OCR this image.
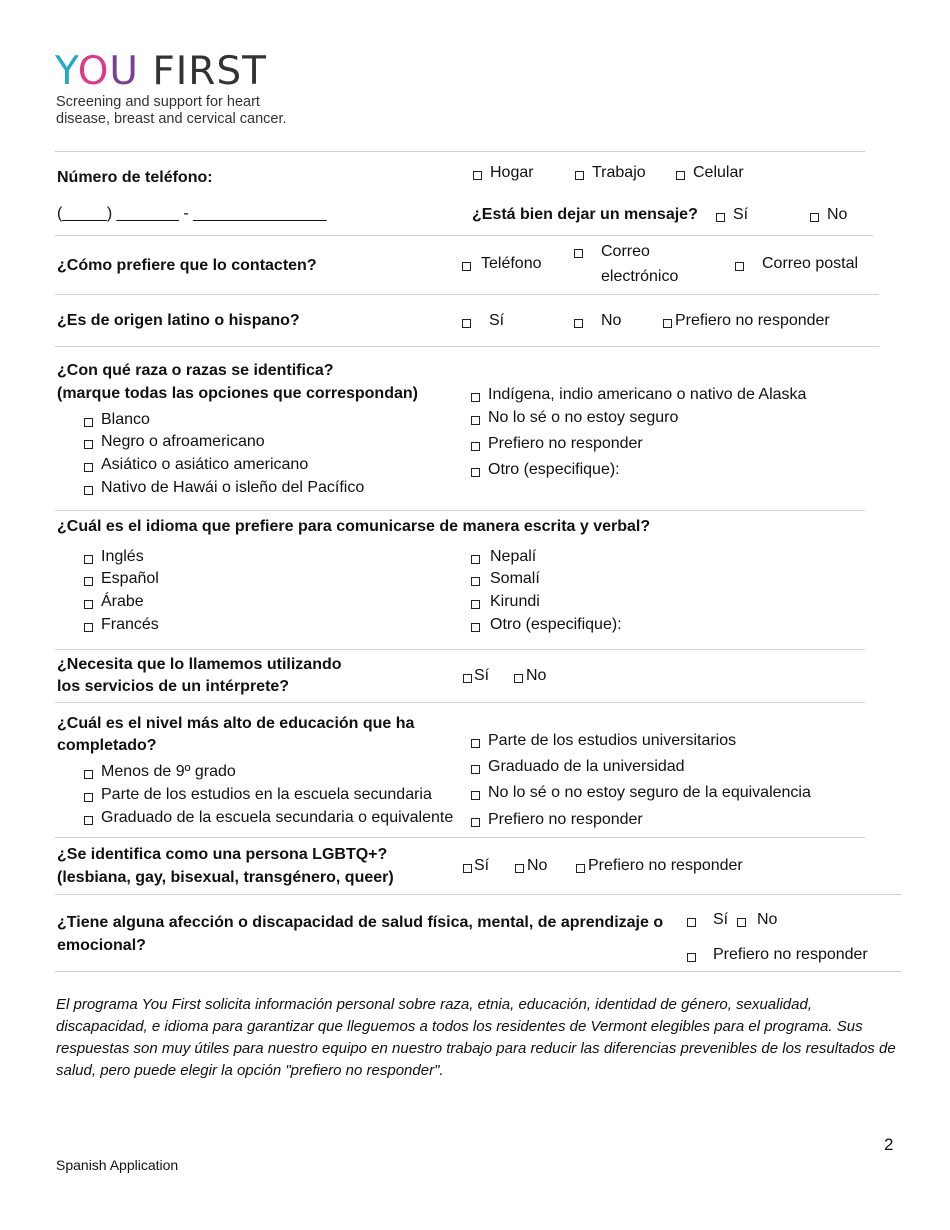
YOU FIRST
Screening and support for heart
disease, breast and cervical cancer.
Número de teléfono:
(_____) _______ - _______________
Hogar	Trabajo	Celular
¿Está bien dejar un mensaje? Sí	No
¿Cómo prefiere que lo contacten?	Teléfono
Correo
electrónico
Correo postal
¿Es de origen latino o hispano?	Sí	No	Prefiero no responder
¿Con qué raza o razas se identifica?
(marque todas las opciones que correspondan)
Blanco
Negro o afroamericano
Asiático o asiático americano
Nativo de Hawái o isleño del Pacífico
Indígena, indio americano o nativo de Alaska
No lo sé o no estoy seguro
Prefiero no responder
Otro (especifique):
¿Cuál es el idioma que prefiere para comunicarse de manera escrita y verbal?
Inglés
Español
Árabe
Francés
Nepalí
Somalí
Kirundi
Otro (especifique):
¿Necesita que lo llamemos utilizando
los servicios de un intérprete?
Sí No
¿Cuál es el nivel más alto de educación que ha
completado?
Menos de 9º grado
Parte de los estudios en la escuela secundaria
Graduado de la escuela secundaria o equivalente
Parte de los estudios universitarios
Graduado de la universidad
No lo sé o no estoy seguro de la equivalencia
Prefiero no responder
¿Se identifica como una persona LGBTQ+?
(lesbiana, gay, bisexual, transgénero, queer)
Sí No	Prefiero no responder
¿Tiene alguna afección o discapacidad de salud física, mental, de aprendizaje o
emocional?
Sí No
Prefiero no responder
El programa You First solicita información personal sobre raza, etnia, educación, identidad de género, sexualidad, discapacidad, e idioma para garantizar que lleguemos a todos los residentes de Vermont elegibles para el programa. Sus respuestas son muy útiles para nuestro equipo en nuestro trabajo para reducir las diferencias prevenibles de los resultados de salud, pero puede elegir la opción "prefiero no responder".
2
Spanish Application
